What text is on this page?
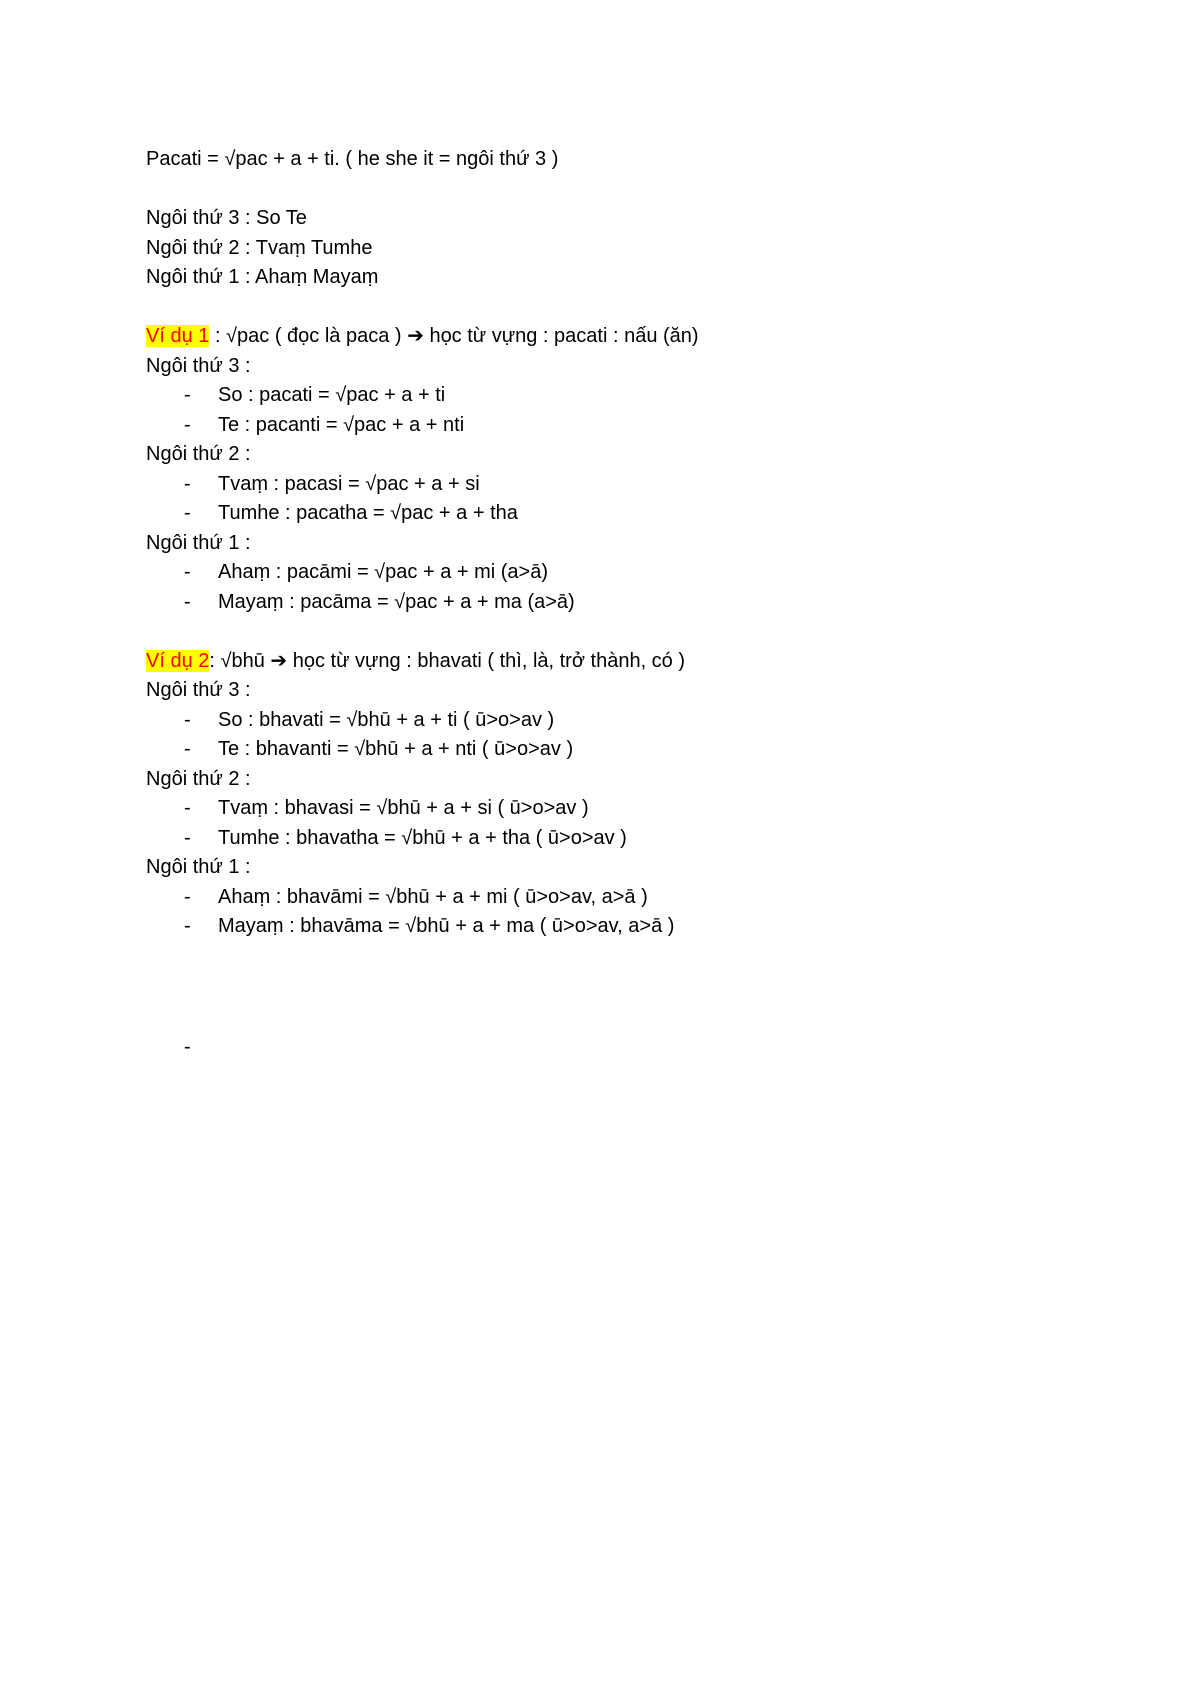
Pacati = √pac + a + ti. ( he she it = ngôi thứ 3 )
Ngôi thứ 3 : So Te
Ngôi thứ 2 : Tvaṃ Tumhe
Ngôi thứ 1 : Ahaṃ Mayaṃ
Ví dụ 1 : √pac ( đọc là paca ) ➔ học từ vựng : pacati : nấu (ăn)
Ngôi thứ 3 :
- So : pacati = √pac + a + ti
- Te : pacanti = √pac + a + nti
Ngôi thứ 2 :
- Tvaṃ : pacasi = √pac + a + si
- Tumhe : pacatha = √pac + a + tha
Ngôi thứ 1 :
- Ahaṃ : pacāmi = √pac + a + mi (a>ā)
- Mayaṃ : pacāma = √pac + a + ma (a>ā)
Ví dụ 2: √bhū ➔ học từ vựng : bhavati ( thì, là, trở thành, có )
Ngôi thứ 3 :
- So : bhavati = √bhū + a + ti ( ū>o>av )
- Te : bhavanti = √bhū + a + nti ( ū>o>av )
Ngôi thứ 2 :
- Tvaṃ : bhavasi = √bhū + a + si ( ū>o>av )
- Tumhe : bhavatha = √bhū + a + tha ( ū>o>av )
Ngôi thứ 1 :
- Ahaṃ : bhavāmi = √bhū + a + mi ( ū>o>av, a>ā )
- Mayaṃ : bhavāma = √bhū + a + ma ( ū>o>av, a>ā )
-
